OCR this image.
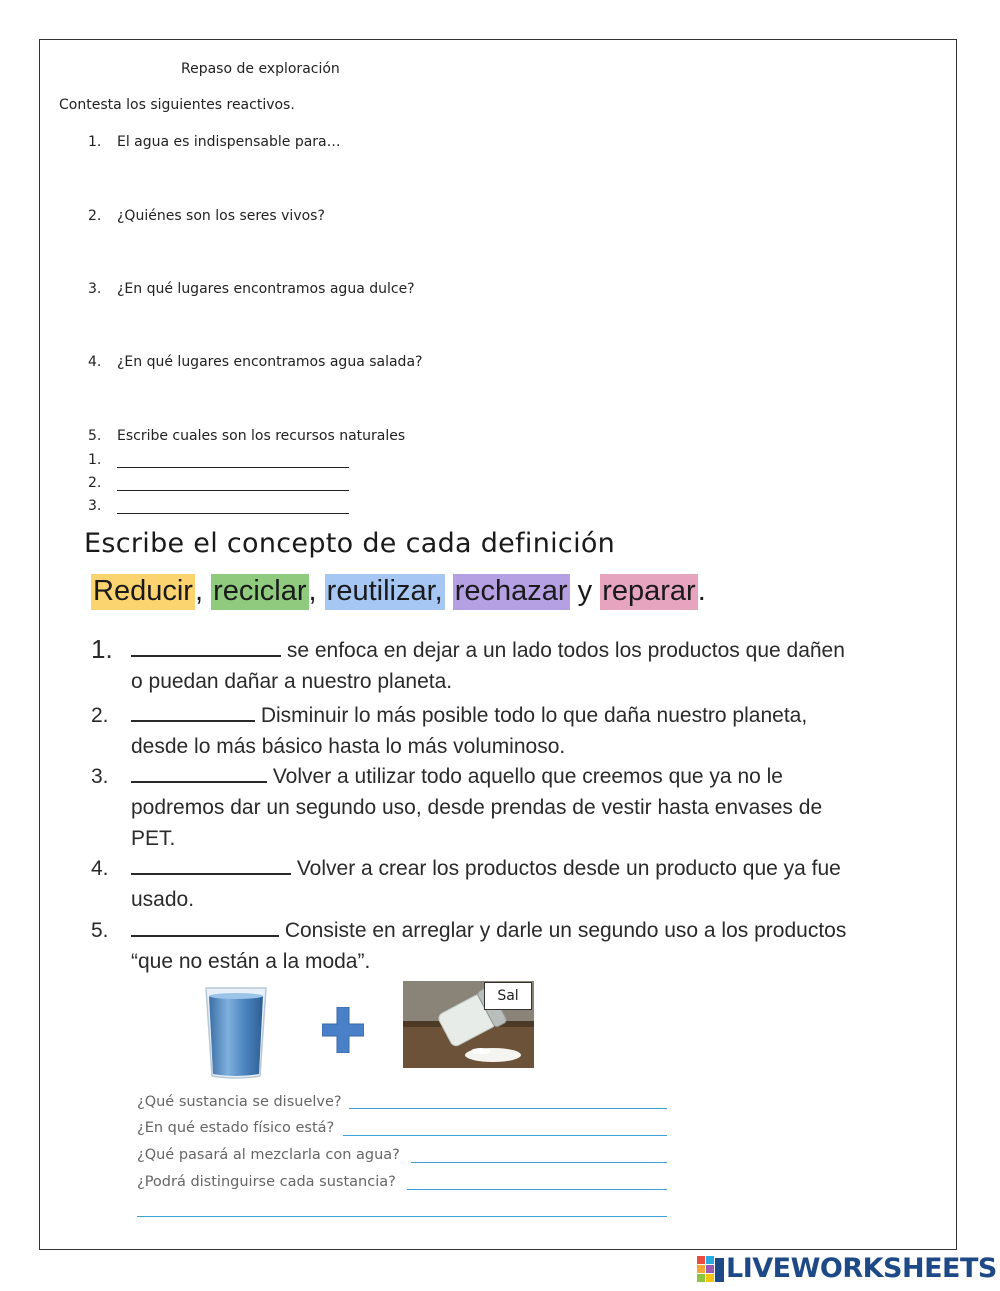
Repaso de exploración
Contesta los siguientes reactivos.
1. El agua es indispensable para…
2. ¿Quiénes son los seres vivos?
3. ¿En qué lugares encontramos agua dulce?
4. ¿En qué lugares encontramos agua salada?
5. Escribe cuales son los recursos naturales
1.
2.
3.
Escribe el concepto de cada definición
Reducir, reciclar, reutilizar, rechazar y reparar.
1.	se enfoca en dejar a un lado todos los productos que dañen o puedan dañar a nuestro planeta.
2.	Disminuir lo más posible todo lo que daña nuestro planeta, desde lo más básico hasta lo más voluminoso.
3.	Volver a utilizar todo aquello que creemos que ya no le podremos dar un segundo uso, desde prendas de vestir hasta envases de PET.
4.	Volver a crear los productos desde un producto que ya fue usado.
5.	Consiste en arreglar y darle un segundo uso a los productos “que no están a la moda”.
Sal
¿Qué sustancia se disuelve?
¿En qué estado físico está?
¿Qué pasará al mezclarla con agua?
¿Podrá distinguirse cada sustancia?
LIVEWORKSHEETS
